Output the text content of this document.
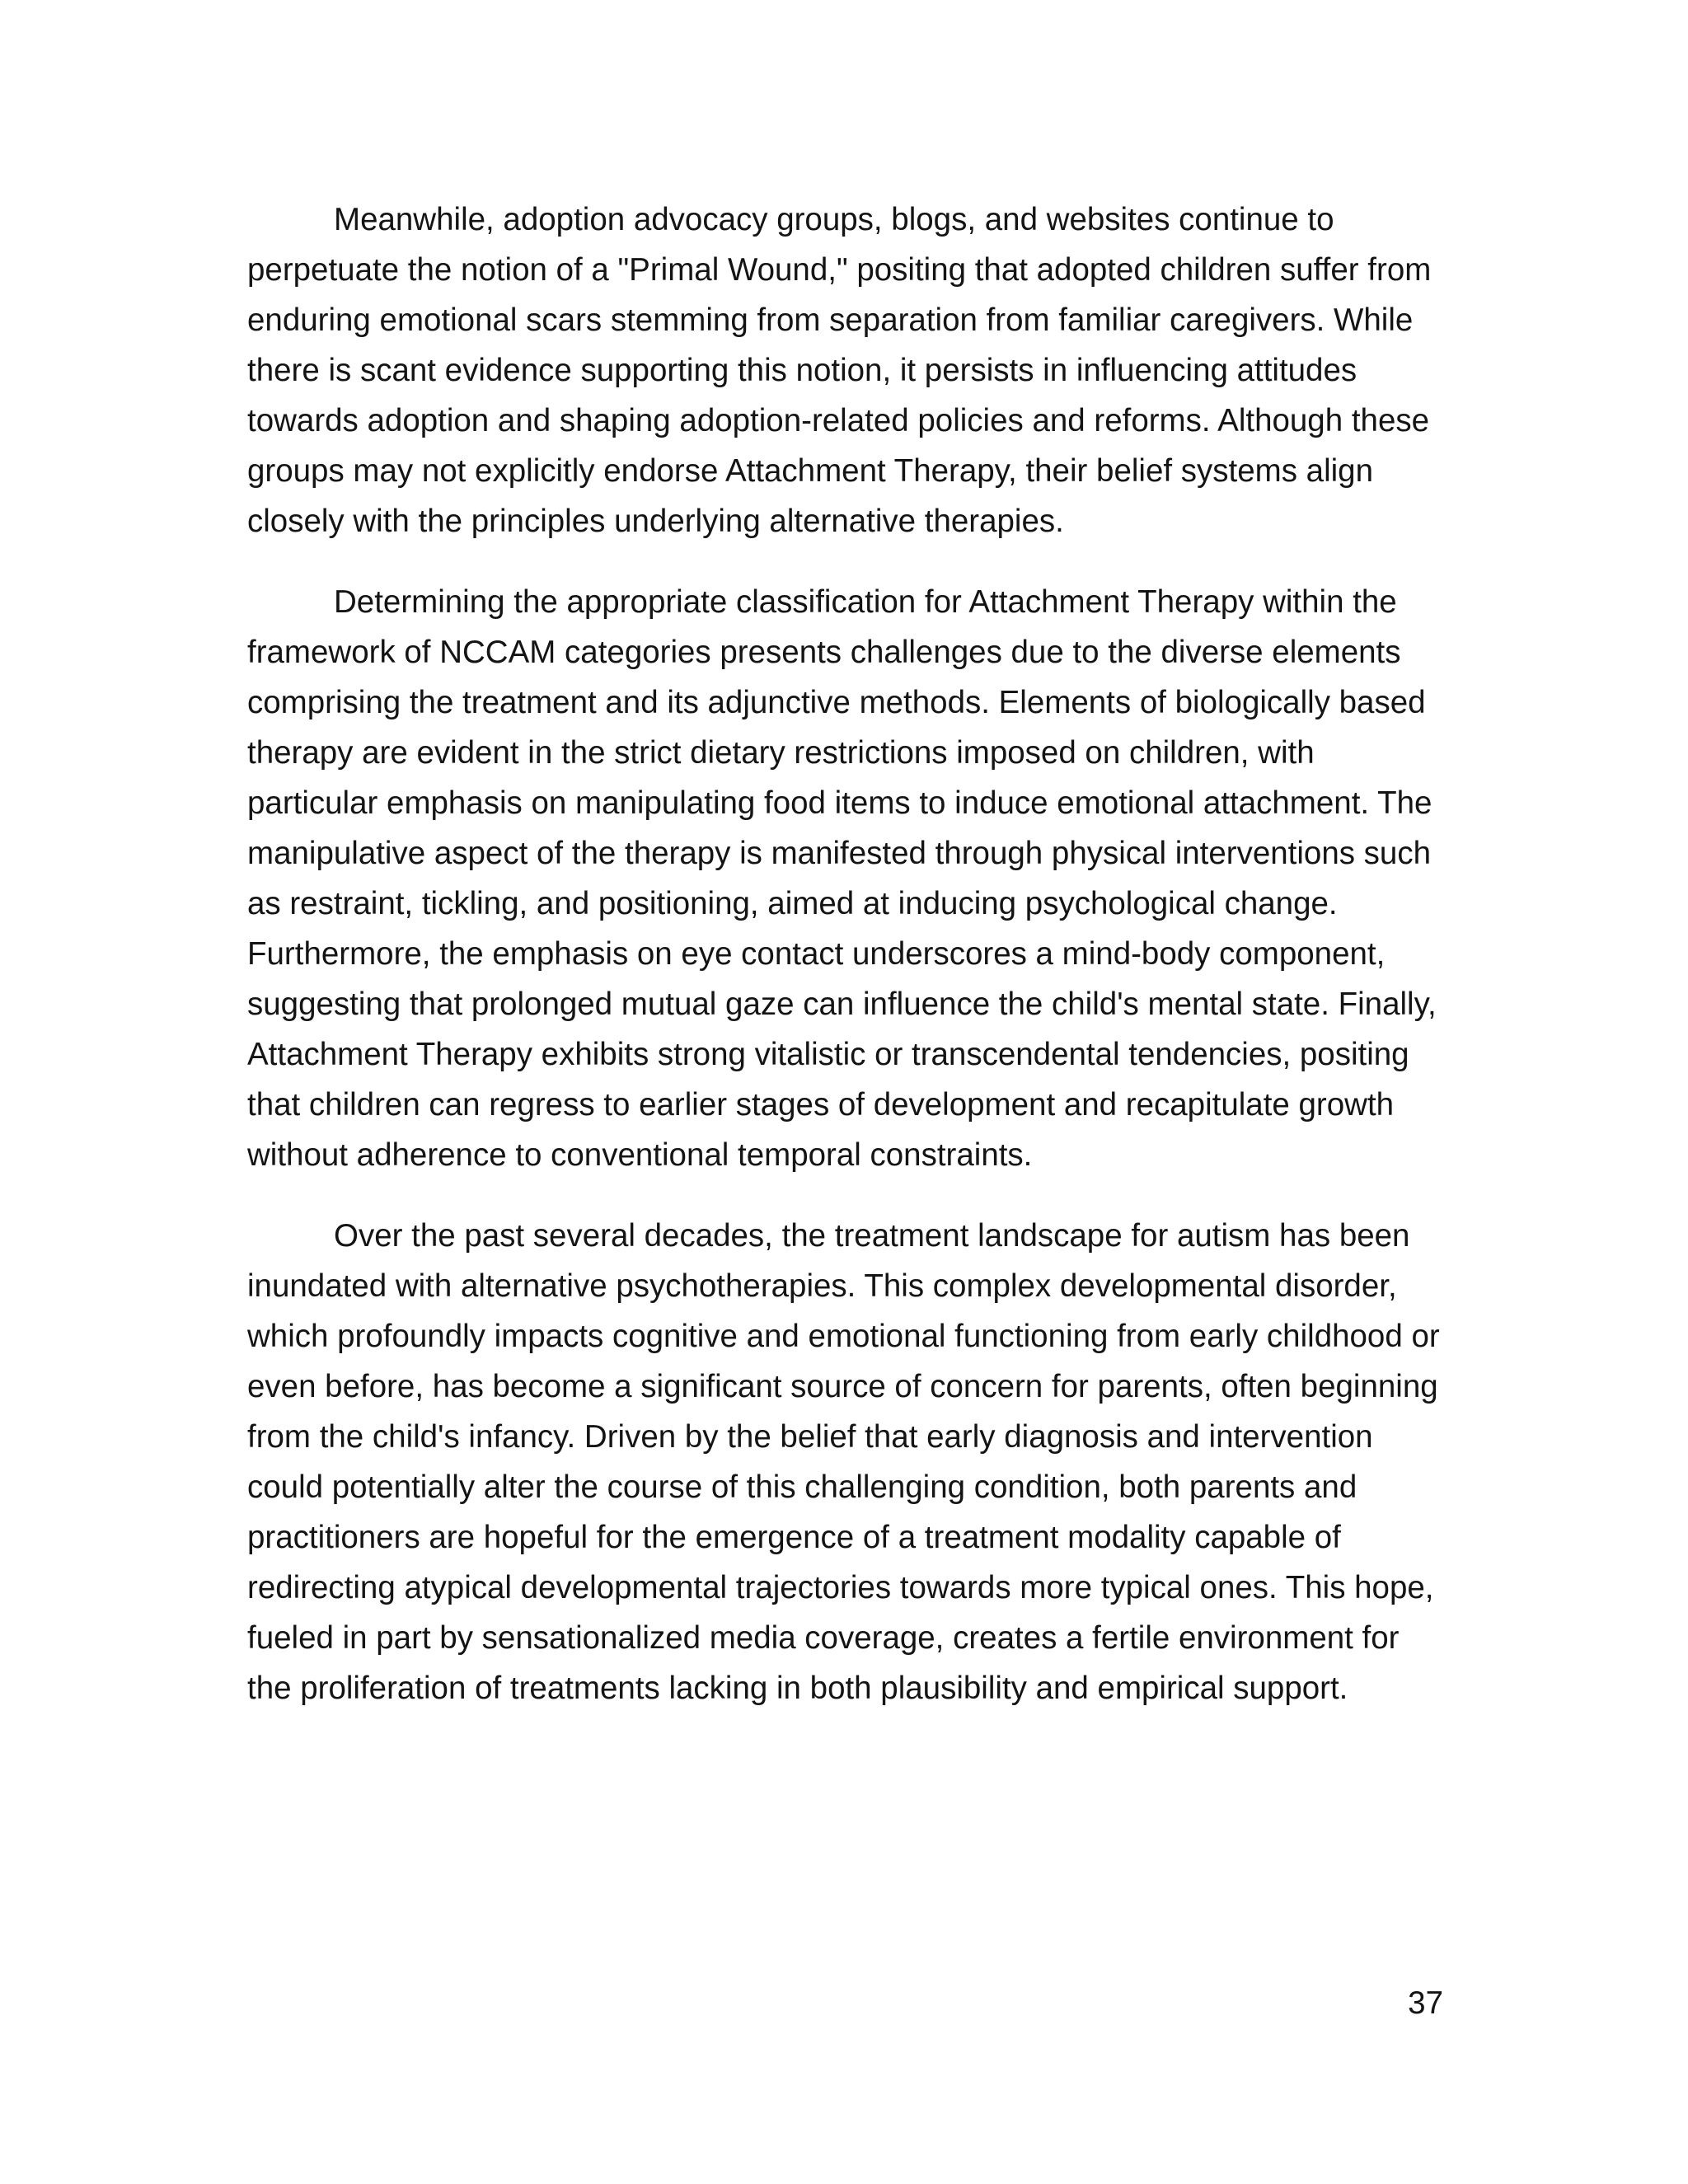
Meanwhile, adoption advocacy groups, blogs, and websites continue to perpetuate the notion of a "Primal Wound," positing that adopted children suffer from enduring emotional scars stemming from separation from familiar caregivers. While there is scant evidence supporting this notion, it persists in influencing attitudes towards adoption and shaping adoption-related policies and reforms. Although these groups may not explicitly endorse Attachment Therapy, their belief systems align closely with the principles underlying alternative therapies.

Determining the appropriate classification for Attachment Therapy within the framework of NCCAM categories presents challenges due to the diverse elements comprising the treatment and its adjunctive methods. Elements of biologically based therapy are evident in the strict dietary restrictions imposed on children, with particular emphasis on manipulating food items to induce emotional attachment. The manipulative aspect of the therapy is manifested through physical interventions such as restraint, tickling, and positioning, aimed at inducing psychological change. Furthermore, the emphasis on eye contact underscores a mind-body component, suggesting that prolonged mutual gaze can influence the child's mental state. Finally, Attachment Therapy exhibits strong vitalistic or transcendental tendencies, positing that children can regress to earlier stages of development and recapitulate growth without adherence to conventional temporal constraints.

Over the past several decades, the treatment landscape for autism has been inundated with alternative psychotherapies. This complex developmental disorder, which profoundly impacts cognitive and emotional functioning from early childhood or even before, has become a significant source of concern for parents, often beginning from the child's infancy. Driven by the belief that early diagnosis and intervention could potentially alter the course of this challenging condition, both parents and practitioners are hopeful for the emergence of a treatment modality capable of redirecting atypical developmental trajectories towards more typical ones. This hope, fueled in part by sensationalized media coverage, creates a fertile environment for the proliferation of treatments lacking in both plausibility and empirical support.

37
